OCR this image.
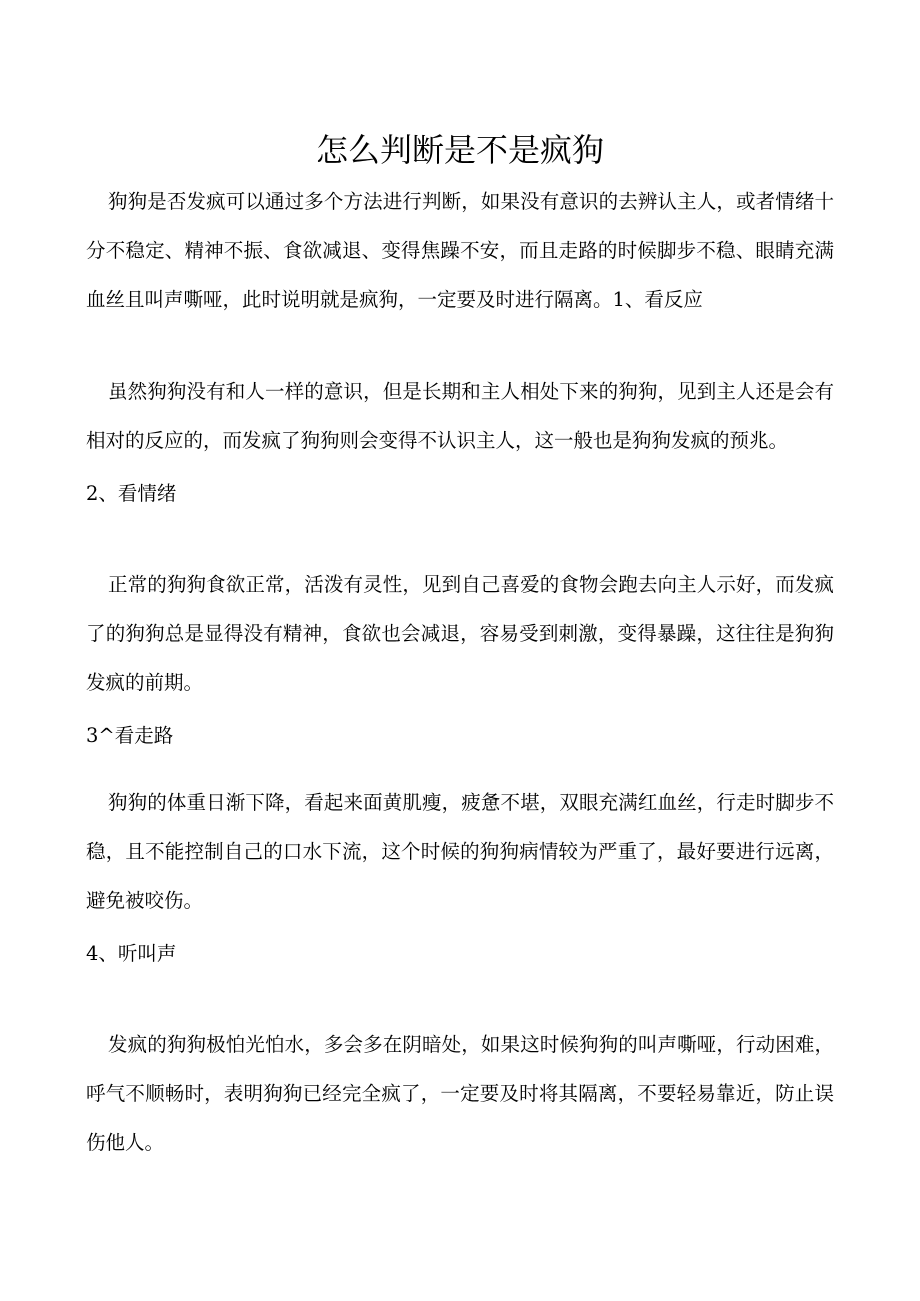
怎么判断是不是疯狗

狗狗是否发疯可以通过多个方法进行判断，如果没有意识的去辨认主人，或者情绪十分不稳定、精神不振、食欲减退、变得焦躁不安，而且走路的时候脚步不稳、眼睛充满血丝且叫声嘶哑，此时说明就是疯狗，一定要及时进行隔离。1、看反应

虽然狗狗没有和人一样的意识，但是长期和主人相处下来的狗狗，见到主人还是会有相对的反应的，而发疯了狗狗则会变得不认识主人，这一般也是狗狗发疯的预兆。

2、看情绪

正常的狗狗食欲正常，活泼有灵性，见到自己喜爱的食物会跑去向主人示好，而发疯了的狗狗总是显得没有精神，食欲也会减退，容易受到刺激，变得暴躁，这往往是狗狗发疯的前期。

3^看走路

狗狗的体重日渐下降，看起来面黄肌瘦，疲惫不堪，双眼充满红血丝，行走时脚步不稳，且不能控制自己的口水下流，这个时候的狗狗病情较为严重了，最好要进行远离，避免被咬伤。

4、听叫声

发疯的狗狗极怕光怕水，多会多在阴暗处，如果这时候狗狗的叫声嘶哑，行动困难，呼气不顺畅时，表明狗狗已经完全疯了，一定要及时将其隔离，不要轻易靠近，防止误伤他人。
